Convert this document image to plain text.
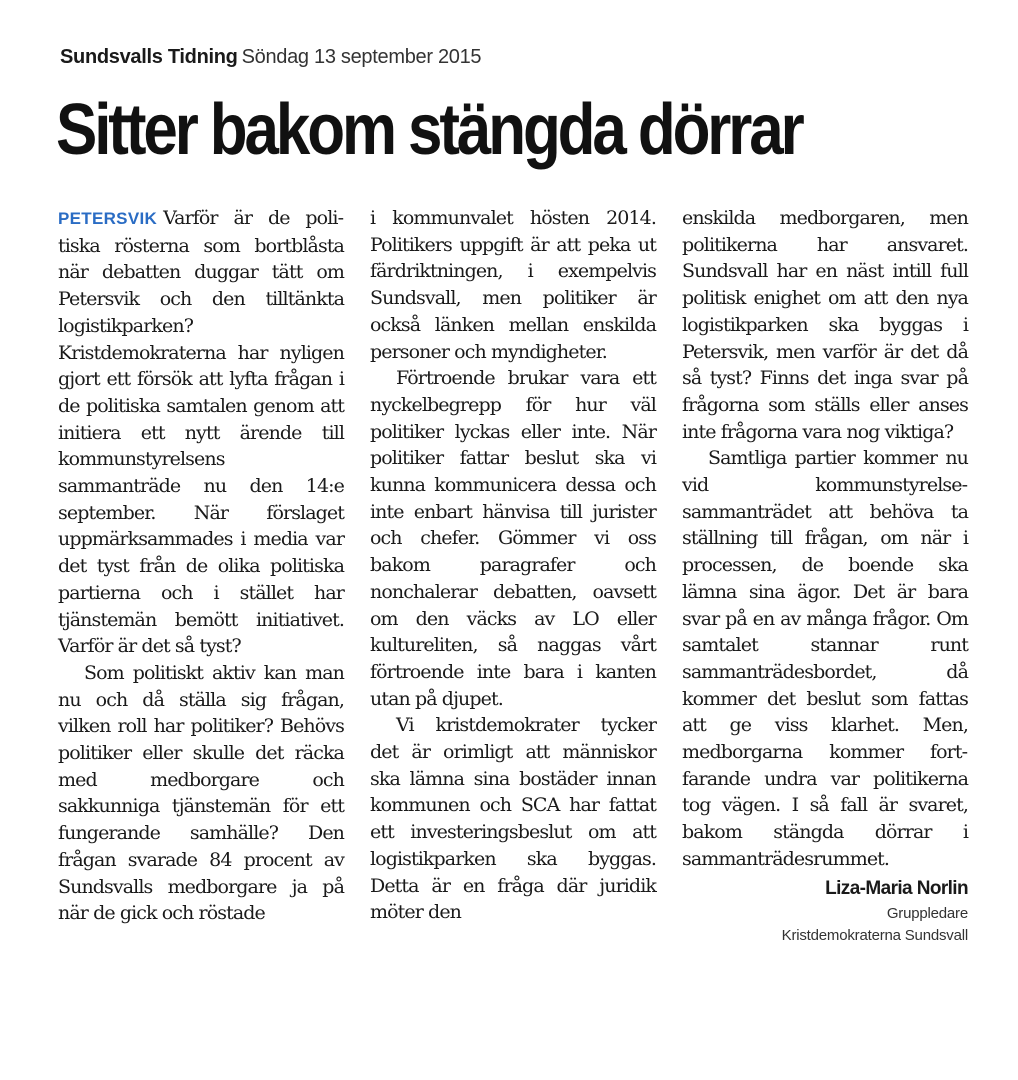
Sundsvalls Tidning Söndag 13 september 2015
Sitter bakom stängda dörrar

PETERSVIK Varför är de politiska rösterna som bortblåsta när debatten duggar tätt om Petersvik och den tilltänkta logistikparken? Kristdemokraterna har nyligen gjort ett försök att lyfta frågan i de politiska samtalen genom att initiera ett nytt ärende till kommunstyrelsens sammanträde nu den 14:e september. När förslaget uppmärksammades i media var det tyst från de olika politiska partierna och i stället har tjänstemän bemött initiativet. Varför är det så tyst?

Som politiskt aktiv kan man nu och då ställa sig frågan, vilken roll har politiker? Behövs politiker eller skulle det räcka med medborgare och sakkunniga tjänstemän för ett fungerande samhälle? Den frågan svarade 84 procent av Sundsvalls medborgare ja på när de gick och röstade

i kommunvalet hösten 2014. Politikers uppgift är att peka ut färdriktningen, i exempelvis Sundsvall, men politiker är också länken mellan enskilda personer och myndigheter.

Förtroende brukar vara ett nyckelbegrepp för hur väl politiker lyckas eller inte. När politiker fattar beslut ska vi kunna kommunicera dessa och inte enbart hänvisa till jurister och chefer. Gömmer vi oss bakom paragrafer och nonchalerar debatten, oavsett om den väcks av LO eller kultureliten, så naggas vårt förtroende inte bara i kanten utan på djupet.

Vi kristdemokrater tycker det är orimligt att människor ska lämna sina bostäder innan kommunen och SCA har fattat ett investeringsbeslut om att logistikparken ska byggas. Detta är en fråga där juridik möter den

enskilda medborgaren, men politikerna har ansvaret. Sundsvall har en näst intill full politisk enighet om att den nya logistikparken ska byggas i Petersvik, men varför är det då så tyst? Finns det inga svar på frågorna som ställs eller anses inte frågorna vara nog viktiga?

Samtliga partier kommer nu vid kommunstyrelsesammanträdet att behöva ta ställning till frågan, om när i processen, de boende ska lämna sina ägor. Det är bara svar på en av många frågor. Om samtalet stannar runt sammanträdesbordet, då kommer det beslut som fattas att ge viss klarhet. Men, medborgarna kommer fortfarande undra var politikerna tog vägen. I så fall är svaret, bakom stängda dörrar i sammanträdesrummet.

Liza-Maria Norlin
Gruppledare
Kristdemokraterna Sundsvall
